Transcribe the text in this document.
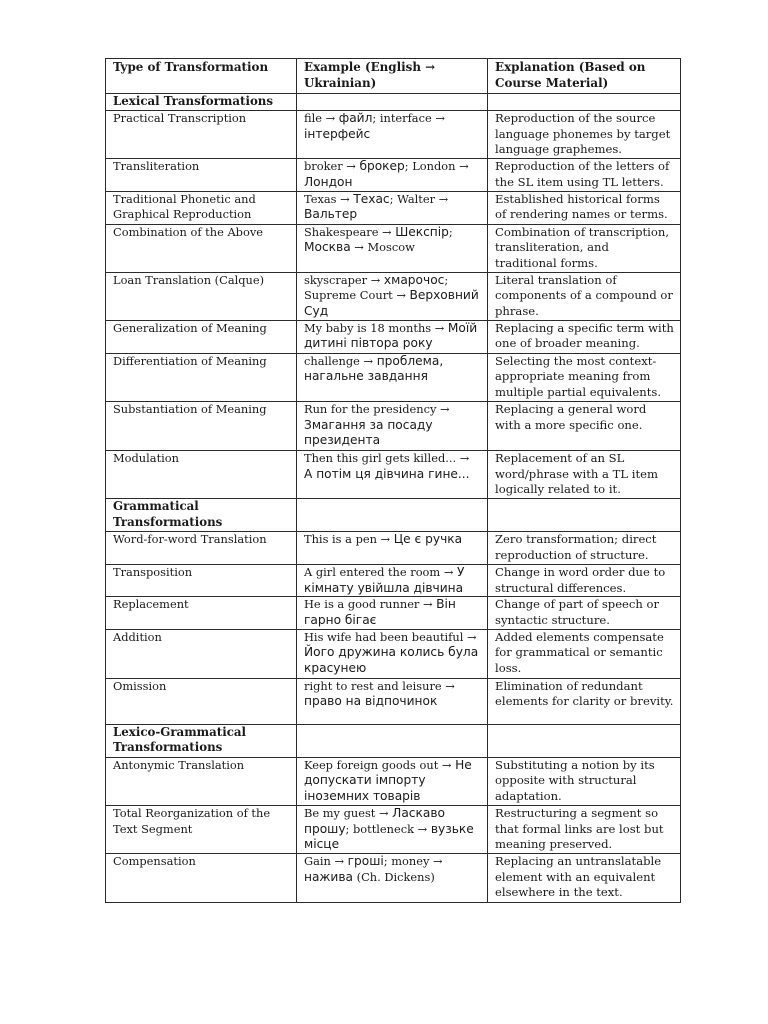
Type of Transformation	Example (English → Ukrainian)	Explanation (Based on Course Material)
Lexical Transformations		
Practical Transcription	file → файл; interface → інтерфейс	Reproduction of the source language phonemes by target language graphemes.
Transliteration	broker → брокер; London → Лондон	Reproduction of the letters of the SL item using TL letters.
Traditional Phonetic and Graphical Reproduction	Texas → Техас; Walter → Вальтер	Established historical forms of rendering names or terms.
Combination of the Above	Shakespeare → Шекспір; Москва → Moscow	Combination of transcription, transliteration, and traditional forms.
Loan Translation (Calque)	skyscraper → хмарочос; Supreme Court → Верховний Суд	Literal translation of components of a compound or phrase.
Generalization of Meaning	My baby is 18 months → Моїй дитині півтора року	Replacing a specific term with one of broader meaning.
Differentiation of Meaning	challenge → проблема, нагальне завдання	Selecting the most context-appropriate meaning from multiple partial equivalents.
Substantiation of Meaning	Run for the presidency → Змагання за посаду президента	Replacing a general word with a more specific one.
Modulation	Then this girl gets killed... → А потім ця дівчина гине...	Replacement of an SL word/phrase with a TL item logically related to it.
Grammatical Transformations		
Word-for-word Translation	This is a pen → Це є ручка	Zero transformation; direct reproduction of structure.
Transposition	A girl entered the room → У кімнату увійшла дівчина	Change in word order due to structural differences.
Replacement	He is a good runner → Він гарно бігає	Change of part of speech or syntactic structure.
Addition	His wife had been beautiful → Його дружина колись була красунею	Added elements compensate for grammatical or semantic loss.
Omission	right to rest and leisure → право на відпочинок	Elimination of redundant elements for clarity or brevity.
Lexico-Grammatical Transformations		
Antonymic Translation	Keep foreign goods out → Не допускати імпорту іноземних товарів	Substituting a notion by its opposite with structural adaptation.
Total Reorganization of the Text Segment	Be my guest → Ласкаво прошу; bottleneck → вузьке місце	Restructuring a segment so that formal links are lost but meaning preserved.
Compensation	Gain → гроші; money → нажива (Ch. Dickens)	Replacing an untranslatable element with an equivalent elsewhere in the text.
